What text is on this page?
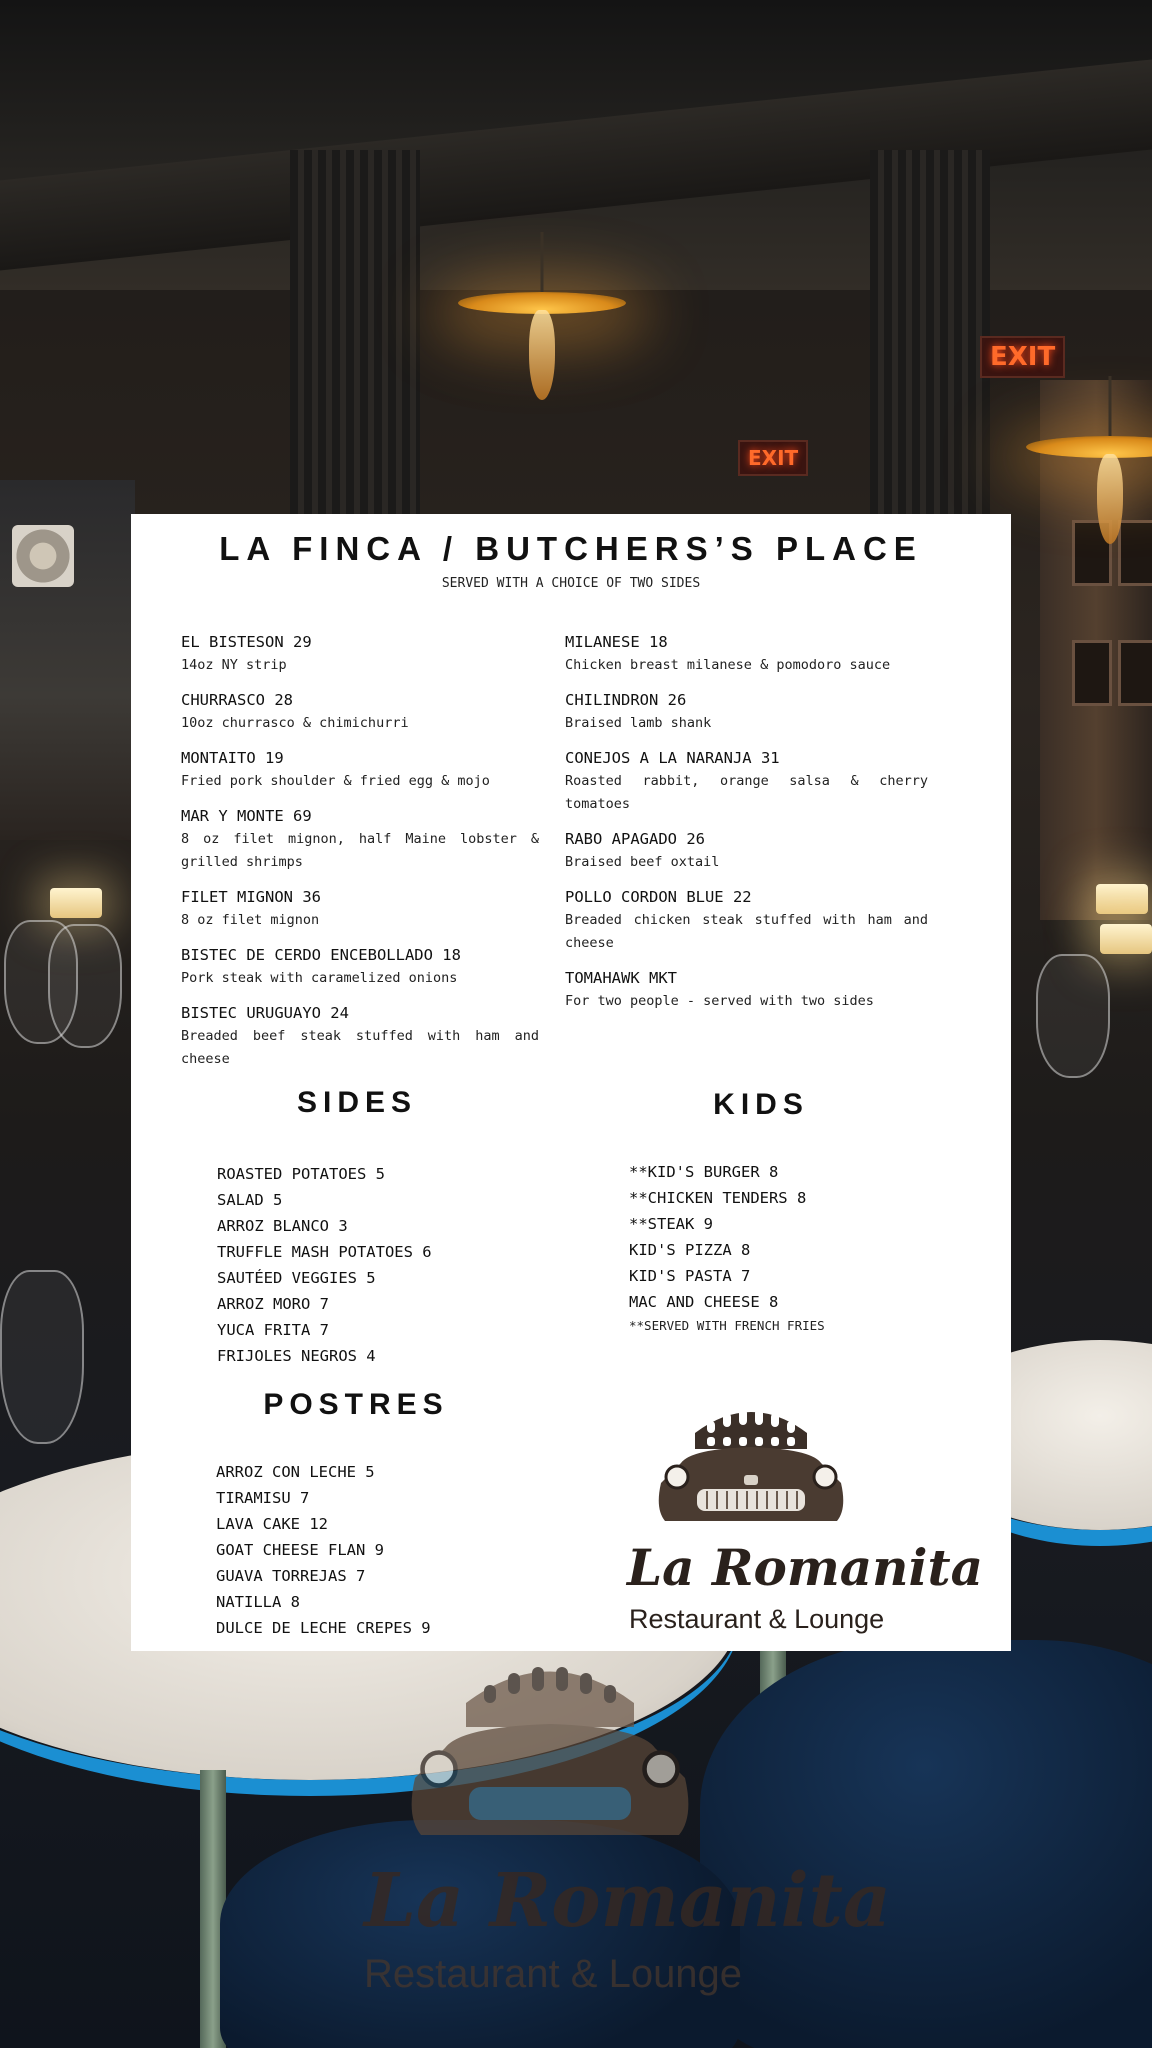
EXIT
EXIT
LA FINCA / BUTCHERS’S PLACE
SERVED WITH A CHOICE OF TWO SIDES
EL BISTESON 29
14oz NY strip
CHURRASCO 28
10oz churrasco & chimichurri
MONTAITO 19
Fried pork shoulder & fried egg & mojo
MAR Y MONTE 69
8 oz filet mignon, half Maine lobster & grilled shrimps
FILET MIGNON 36
8 oz filet mignon
BISTEC DE CERDO ENCEBOLLADO 18
Pork steak with caramelized onions
BISTEC URUGUAYO 24
Breaded beef steak stuffed with ham and cheese
MILANESE 18
Chicken breast milanese & pomodoro sauce
CHILINDRON 26
Braised lamb shank
CONEJOS A LA NARANJA 31
Roasted rabbit, orange salsa & cherry tomatoes
RABO APAGADO 26
Braised beef oxtail
POLLO CORDON BLUE 22
Breaded chicken steak stuffed with ham and cheese
TOMAHAWK MKT
For two people - served with two sides
SIDES
ROASTED POTATOES 5
SALAD 5
ARROZ BLANCO 3
TRUFFLE MASH POTATOES 6
SAUTÉED VEGGIES 5
ARROZ MORO 7
YUCA FRITA 7
FRIJOLES NEGROS 4
KIDS
**KID'S BURGER 8
**CHICKEN TENDERS 8
**STEAK 9
KID'S PIZZA 8
KID'S PASTA 7
MAC AND CHEESE 8
**SERVED WITH FRENCH FRIES
POSTRES
ARROZ CON LECHE 5
TIRAMISU 7
LAVA CAKE 12
GOAT CHEESE FLAN 9
GUAVA TORREJAS 7
NATILLA 8
DULCE DE LECHE CREPES 9
La Romanita
Restaurant & Lounge
La Romanita
Restaurant & Lounge
